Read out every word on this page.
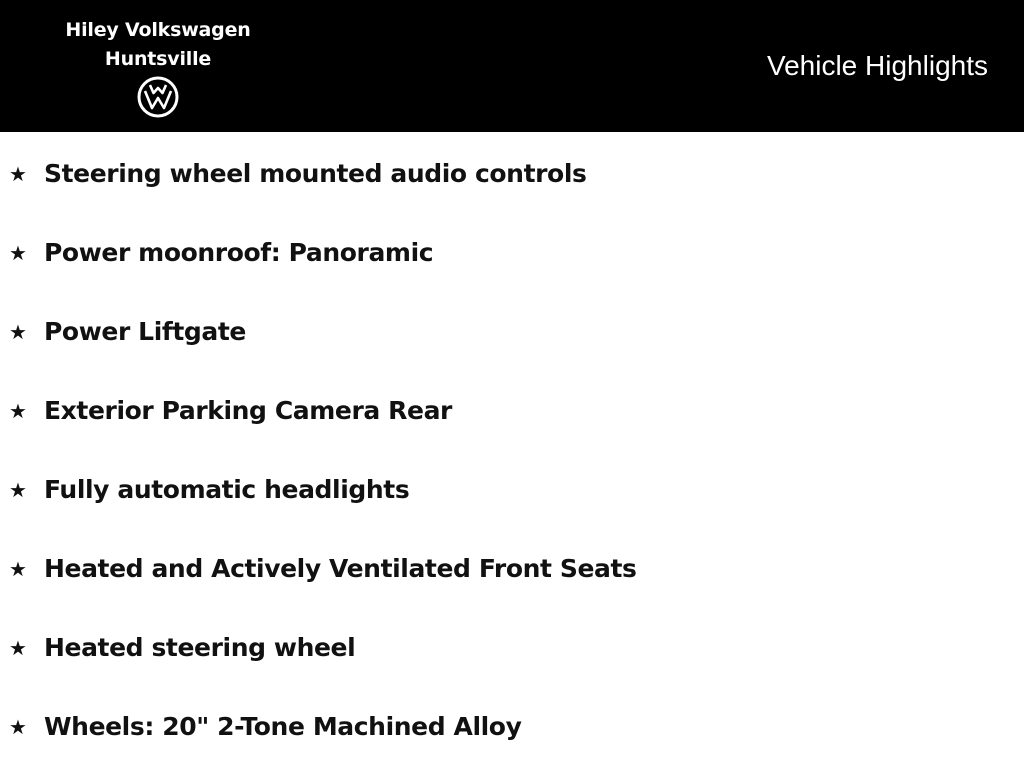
Hiley Volkswagen
Huntsville	Vehicle Highlights
★ Steering wheel mounted audio controls
★ Power moonroof: Panoramic
★ Power Liftgate
★ Exterior Parking Camera Rear
★ Fully automatic headlights
★ Heated and Actively Ventilated Front Seats
★ Heated steering wheel
★ Wheels: 20" 2-Tone Machined Alloy
